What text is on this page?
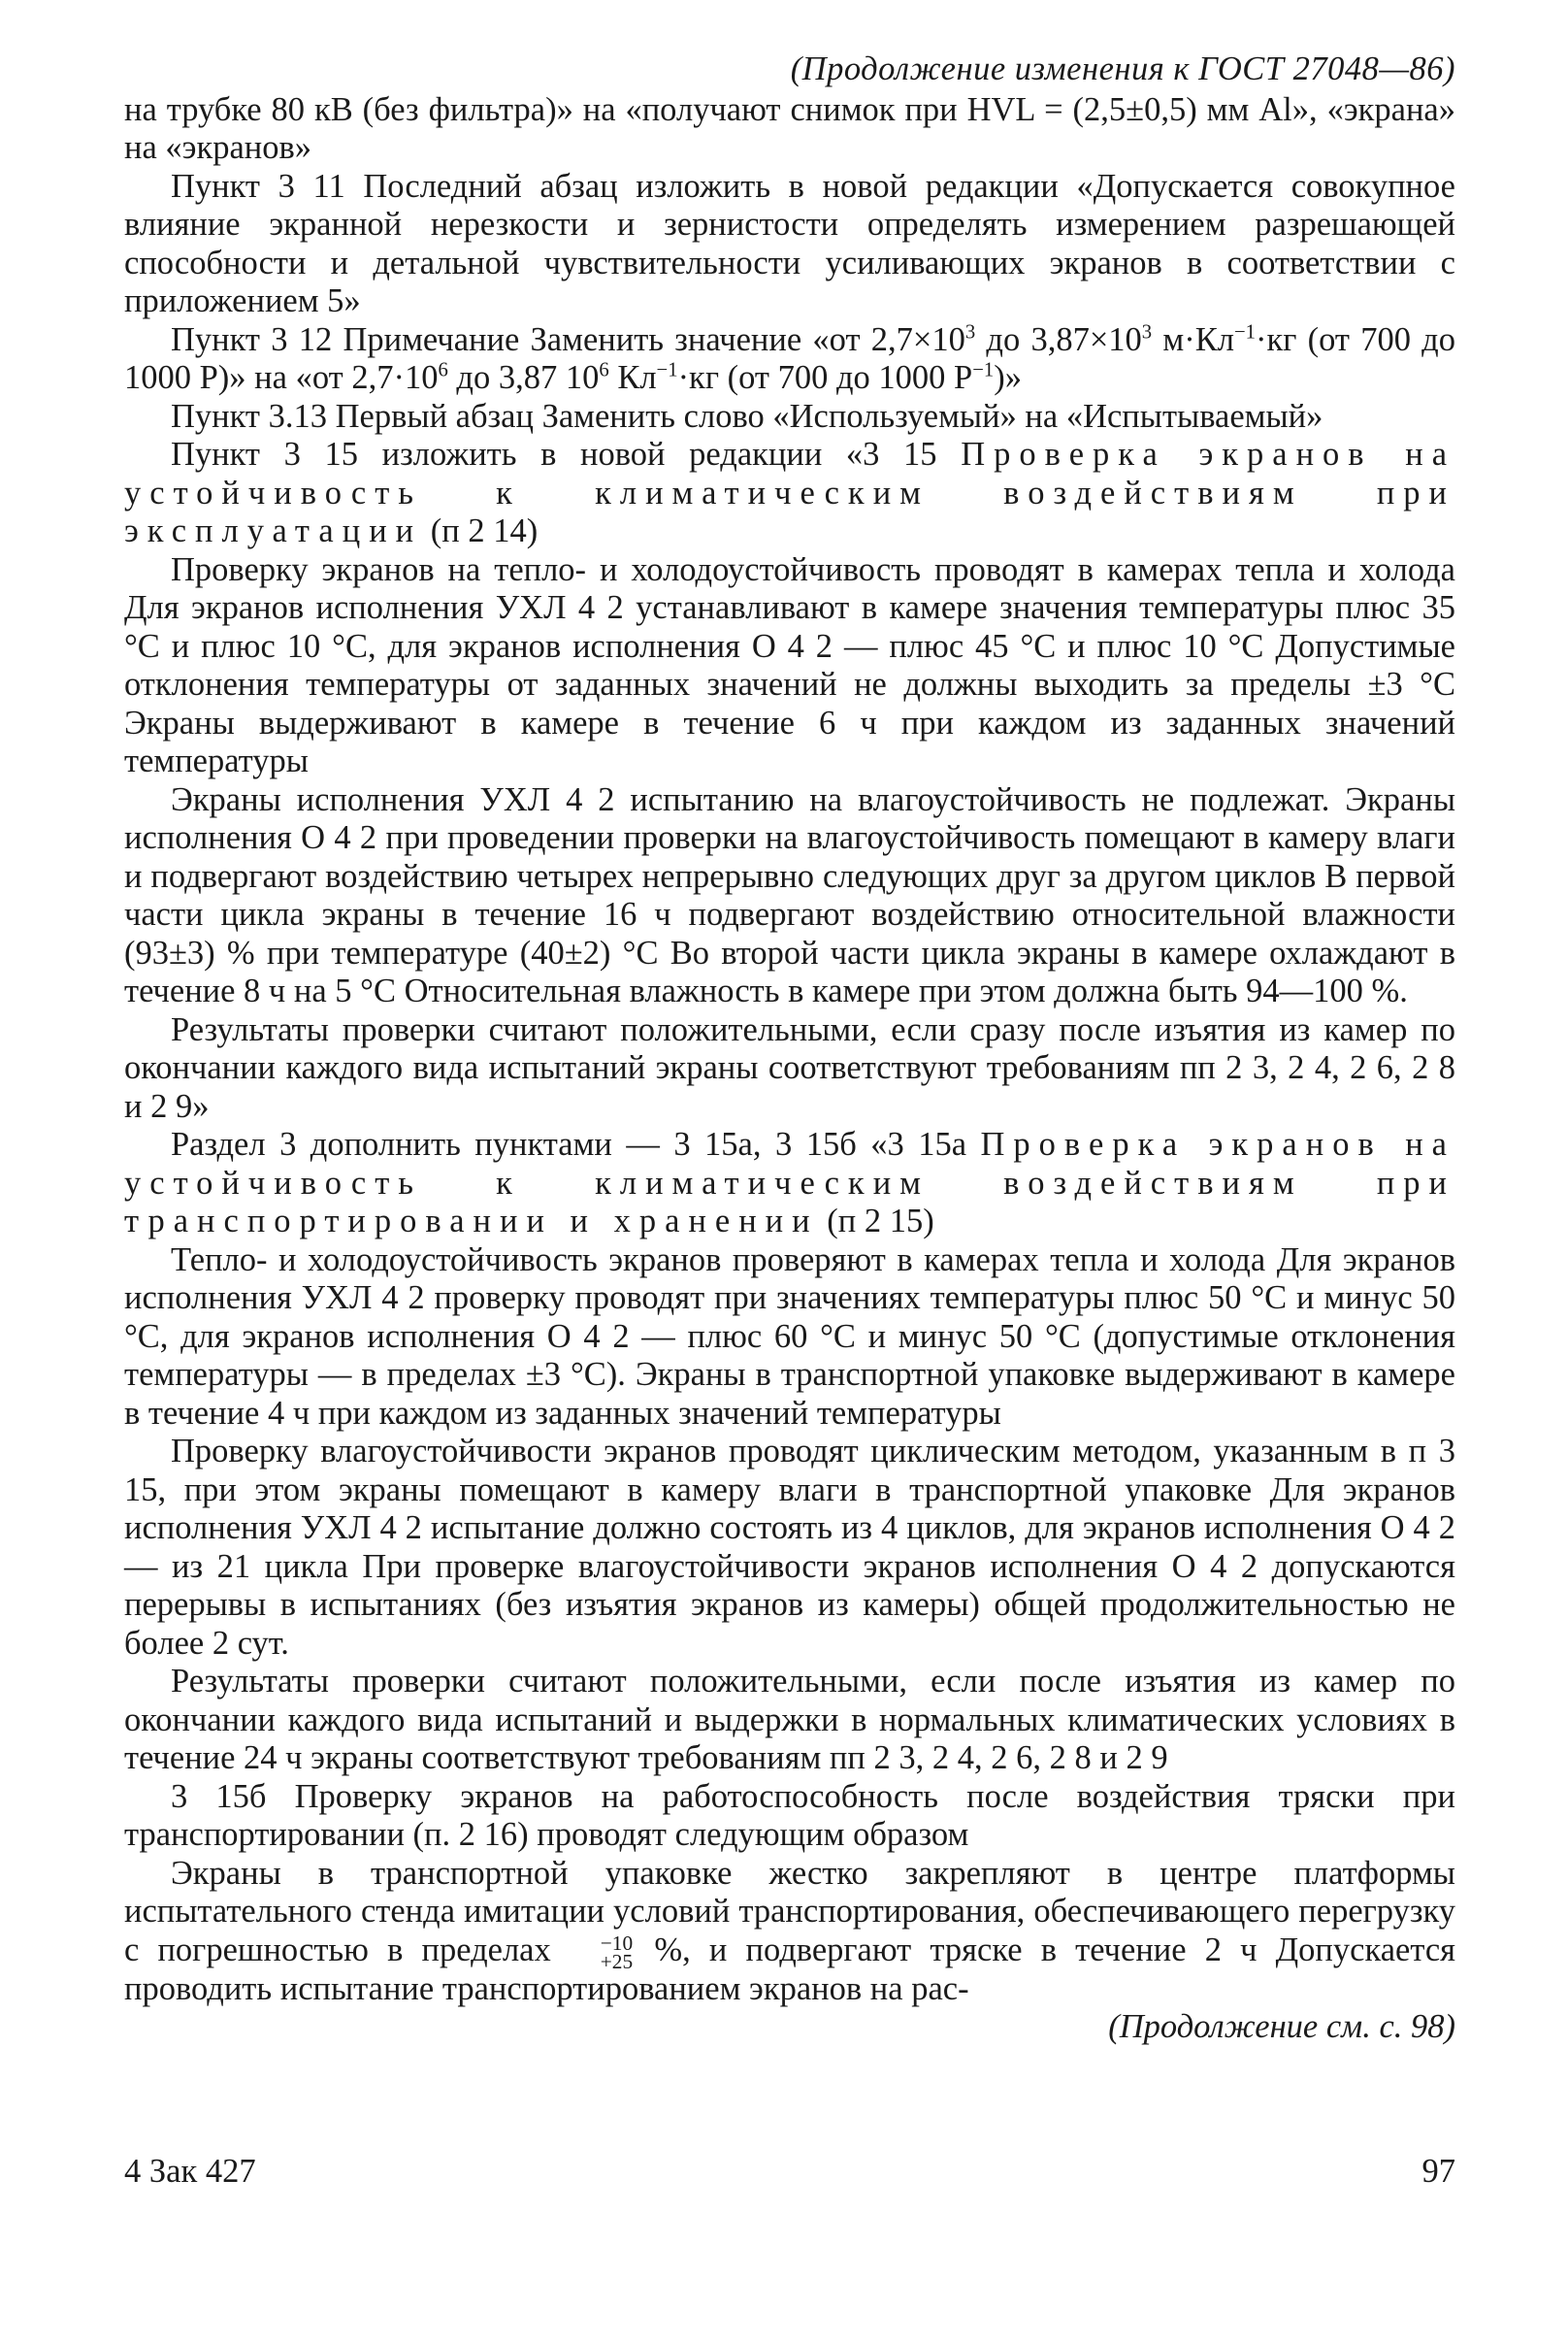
(Продолжение изменения к ГОСТ 27048—86)

на трубке 80 кВ (без фильтра)» на «получают снимок при HVL = (2,5±0,5) мм Al», «экрана» на «экранов»

Пункт 3 11 Последний абзац изложить в новой редакции «Допускается совокупное влияние экранной нерезкости и зернистости определять измерением разрешающей способности и детальной чувствительности усиливающих экранов в соответствии с приложением 5»

Пункт 3 12 Примечание Заменить значение «от $2,7\times 10^3$ до $3,87\times 10^3$ $м\cdot Кл^{-1}\cdot кг$ (от 700 до 1000 Р)» на «от $2,7\cdot 10^6$ до 3,87 $10^6$ $Кл^{-1}\cdot кг$ (от 700 до 1000 $Р^{-1}$)»

Пункт 3.13 Первый абзац Заменить слово «Используемый» на «Испытываемый»

Пункт 3 15 изложить в новой редакции «3 15 Проверка экранов на устойчивость к климатическим воздействиям при эксплуатации (п 2 14)

Проверку экранов на тепло- и холодоустойчивость проводят в камерах тепла и холода Для экранов исполнения УХЛ 4 2 устанавливают в камере значения температуры плюс 35 °С и плюс 10 °С, для экранов исполнения О 4 2 — плюс 45 °С и плюс 10 °С Допустимые отклонения температуры от заданных значений не должны выходить за пределы ±3 °С Экраны выдерживают в камере в течение 6 ч при каждом из заданных значений температуры

Экраны исполнения УХЛ 4 2 испытанию на влагоустойчивость не подлежат. Экраны исполнения О 4 2 при проведении проверки на влагоустойчивость помещают в камеру влаги и подвергают воздействию четырех непрерывно следующих друг за другом циклов В первой части цикла экраны в течение 16 ч подвергают воздействию относительной влажности (93±3) % при температуре (40±2) °С Во второй части цикла экраны в камере охлаждают в течение 8 ч на 5 °С Относительная влажность в камере при этом должна быть 94—100 %.

Результаты проверки считают положительными, если сразу после изъятия из камер по окончании каждого вида испытаний экраны соответствуют требованиям пп 2 3, 2 4, 2 6, 2 8 и 2 9»

Раздел 3 дополнить пунктами — 3 15а, 3 15б «3 15а Проверка экранов на устойчивость к климатическим воздействиям при транспортировании и хранении (п 2 15)

Тепло- и холодоустойчивость экранов проверяют в камерах тепла и холода Для экранов исполнения УХЛ 4 2 проверку проводят при значениях температуры плюс 50 °С и минус 50 °С, для экранов исполнения О 4 2 — плюс 60 °С и минус 50 °С (допустимые отклонения температуры — в пределах ±3 °С). Экраны в транспортной упаковке выдерживают в камере в течение 4 ч при каждом из заданных значений температуры

Проверку влагоустойчивости экранов проводят циклическим методом, указанным в п 3 15, при этом экраны помещают в камеру влаги в транспортной упаковке Для экранов исполнения УХЛ 4 2 испытание должно состоять из 4 циклов, для экранов исполнения О 4 2 — из 21 цикла При проверке влагоустойчивости экранов исполнения О 4 2 допускаются перерывы в испытаниях (без изъятия экранов из камеры) общей продолжительностью не более 2 сут.

Результаты проверки считают положительными, если после изъятия из камер по окончании каждого вида испытаний и выдержки в нормальных климатических условиях в течение 24 ч экраны соответствуют требованиям пп 2 3, 2 4, 2 6, 2 8 и 2 9

3 15б Проверку экранов на работоспособность после воздействия тряски при транспортировании (п. 2 16) проводят следующим образом

Экраны в транспортной упаковке жестко закрепляют в центре платформы испытательного стенда имитации условий транспортирования, обеспечивающего перегрузку с погрешностью в пределах	−10
+25 %, и подвергают тряске в течение 2 ч Допускается проводить испытание транспортированием экранов на рас-

(Продолжение см. с. 98)
4 Зак 427	97
